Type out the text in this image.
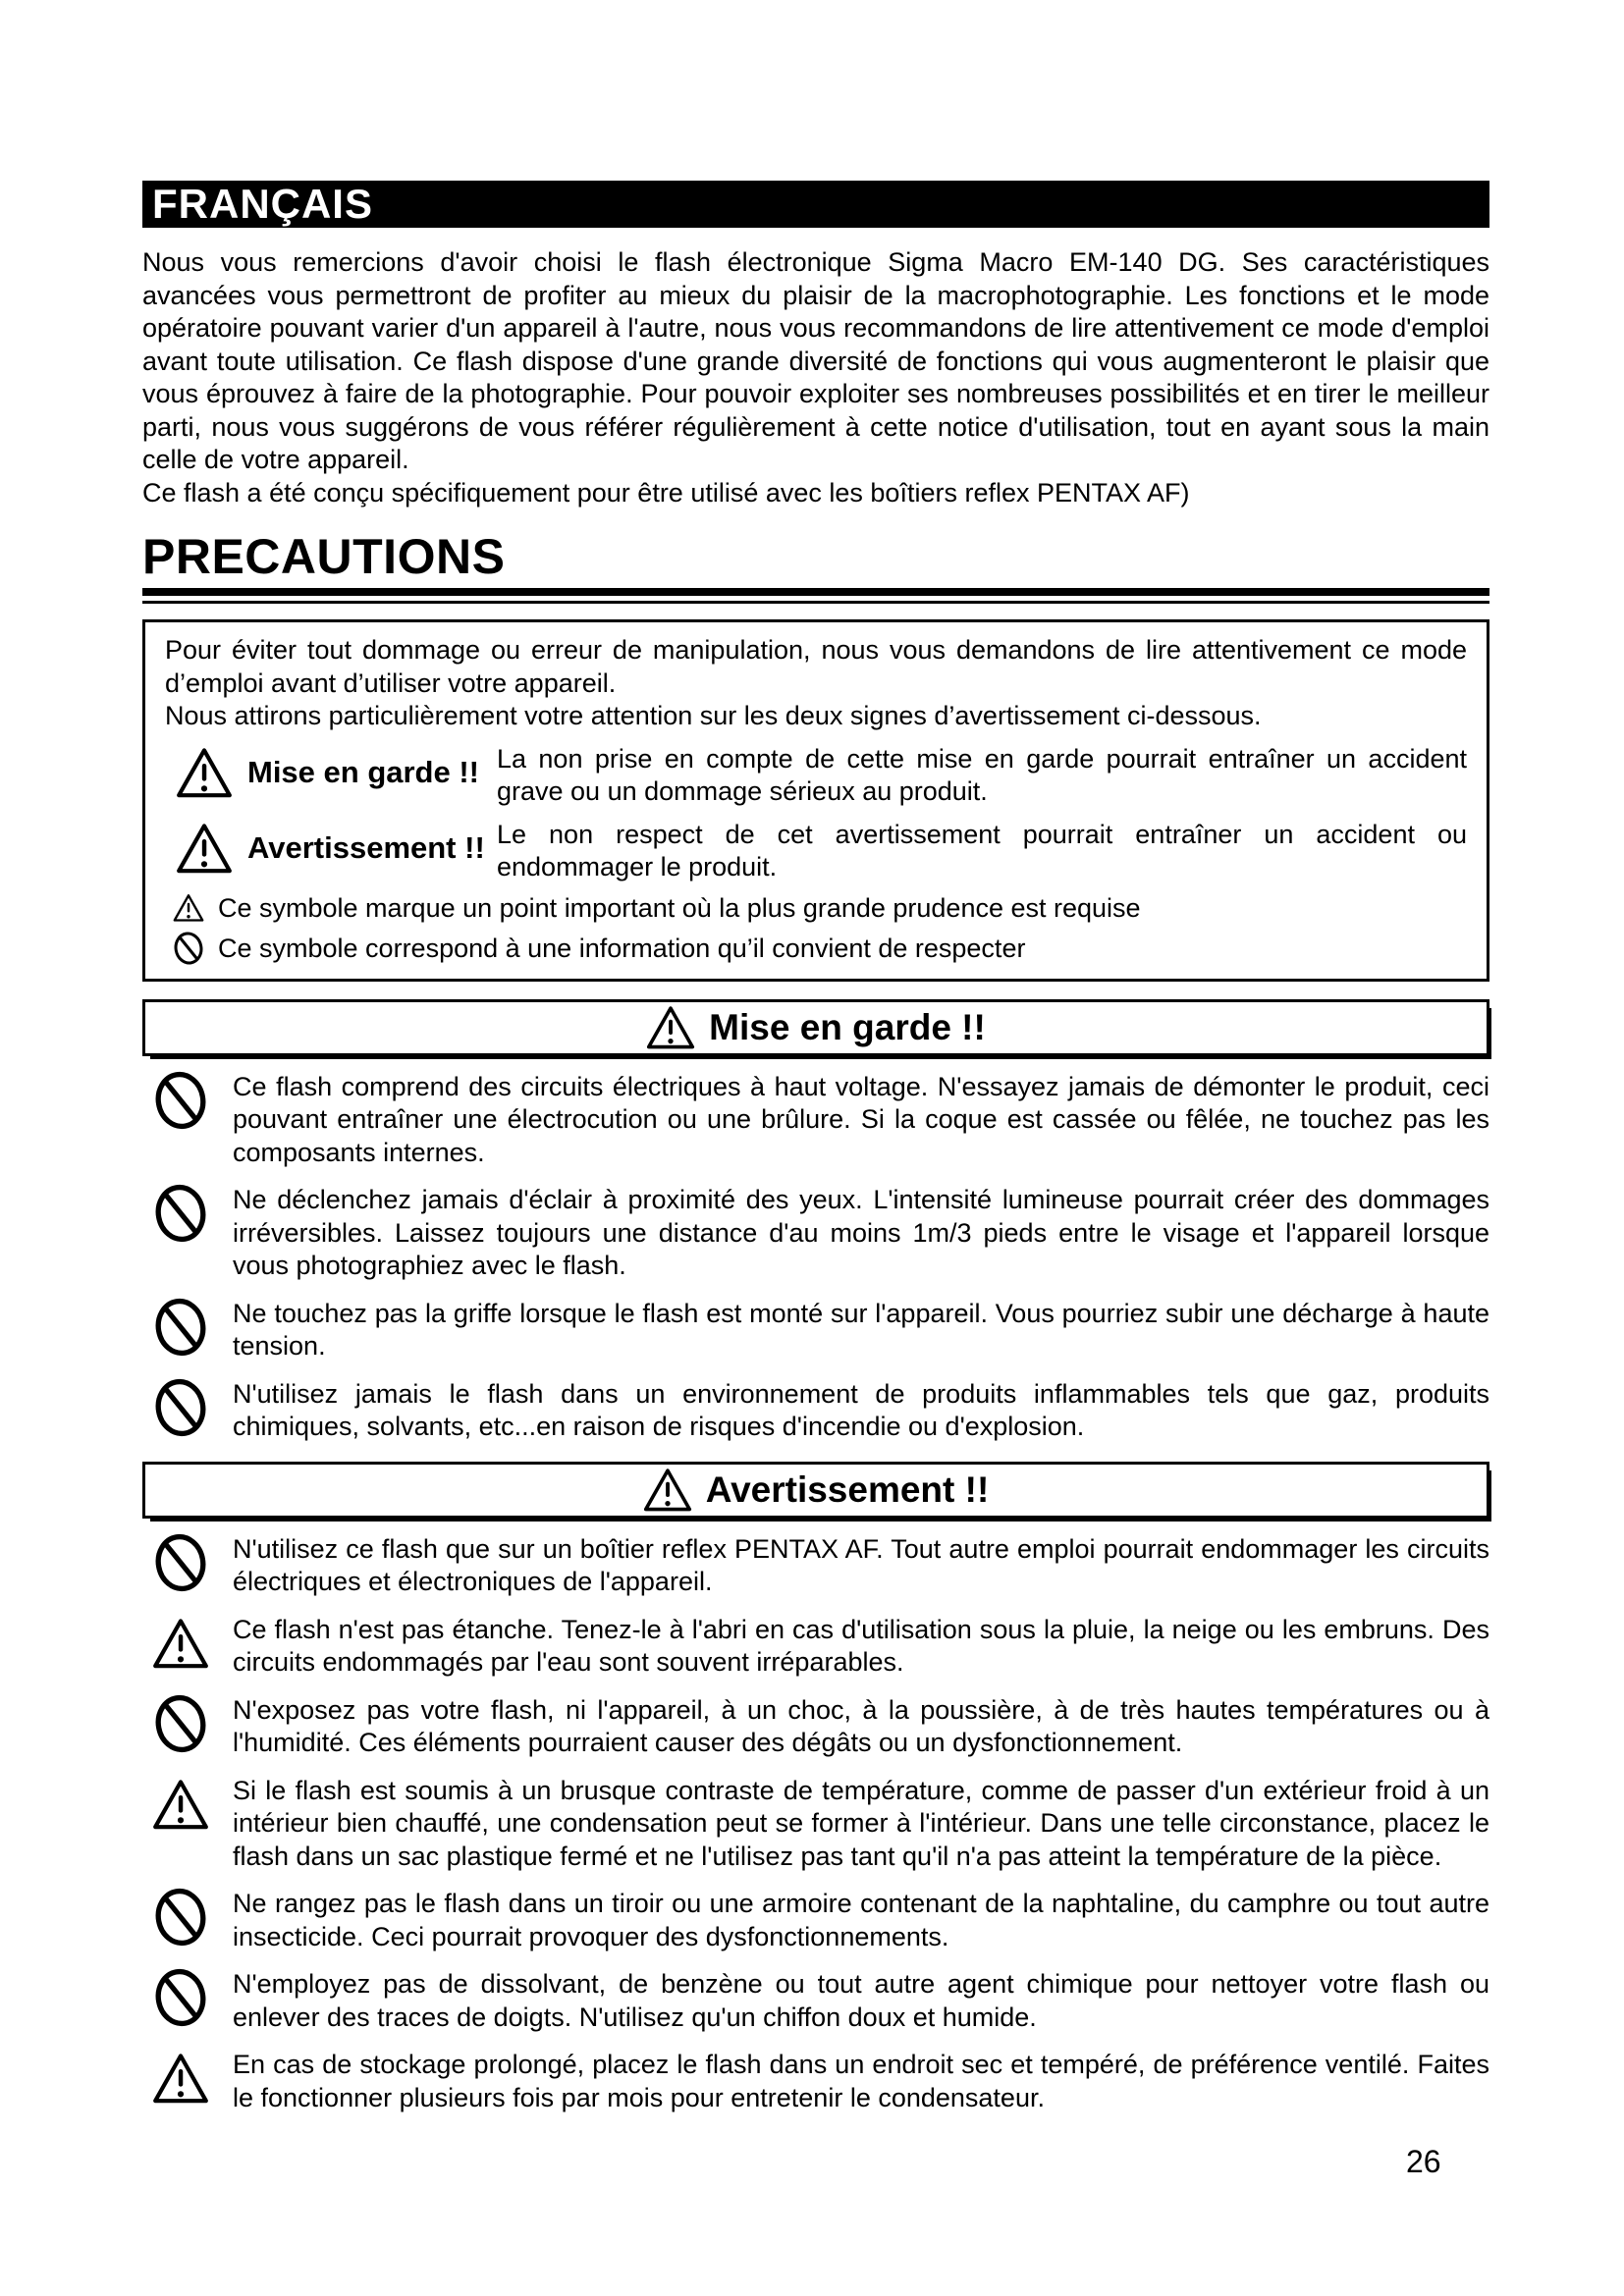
FRANÇAIS

Nous vous remercions d'avoir choisi le flash électronique Sigma Macro EM-140 DG. Ses caractéristiques avancées vous permettront de profiter au mieux du plaisir de la macrophotographie. Les fonctions et le mode opératoire pouvant varier d'un appareil à l'autre, nous vous recommandons de lire attentivement ce mode d'emploi avant toute utilisation. Ce flash dispose d'une grande diversité de fonctions qui vous augmenteront le plaisir que vous éprouvez à faire de la photographie. Pour pouvoir exploiter ses nombreuses possibilités et en tirer le meilleur parti, nous vous suggérons de vous référer régulièrement à cette notice d'utilisation, tout en ayant sous la main celle de votre appareil.

Ce flash a été conçu spécifiquement pour être utilisé avec les boîtiers reflex PENTAX AF)

PRECAUTIONS

Pour éviter tout dommage ou erreur de manipulation, nous vous demandons de lire attentivement ce mode d’emploi avant d’utiliser votre appareil.

Nous attirons particulièrement votre attention sur les deux signes d’avertissement ci-dessous.

Mise en garde !! La non prise en compte de cette mise en garde pourrait entraîner un accident grave ou un dommage sérieux au produit.

Avertissement !! Le non respect de cet avertissement pourrait entraîner un accident ou endommager le produit.

Ce symbole marque un point important où la plus grande prudence est requise

Ce symbole correspond à une information qu’il convient de respecter

Mise en garde !!

Ce flash comprend des circuits électriques à haut voltage. N'essayez jamais de démonter le produit, ceci pouvant entraîner une électrocution ou une brûlure. Si la coque est cassée ou fêlée, ne touchez pas les composants internes.

Ne déclenchez jamais d'éclair à proximité des yeux. L'intensité lumineuse pourrait créer des dommages irréversibles. Laissez toujours une distance d'au moins 1m/3 pieds entre le visage et l'appareil lorsque vous photographiez avec le flash.

Ne touchez pas la griffe lorsque le flash est monté sur l'appareil. Vous pourriez subir une décharge à haute tension.

N'utilisez jamais le flash dans un environnement de produits inflammables tels que gaz, produits chimiques, solvants, etc...en raison de risques d'incendie ou d'explosion.

Avertissement !!

N'utilisez ce flash que sur un boîtier reflex PENTAX AF. Tout autre emploi pourrait endommager les circuits électriques et électroniques de l'appareil.

Ce flash n'est pas étanche. Tenez-le à l'abri en cas d'utilisation sous la pluie, la neige ou les embruns. Des circuits endommagés par l'eau sont souvent irréparables.

N'exposez pas votre flash, ni l'appareil, à un choc, à la poussière, à de très hautes températures ou à l'humidité. Ces éléments pourraient causer des dégâts ou un dysfonctionnement.

Si le flash est soumis à un brusque contraste de température, comme de passer d'un extérieur froid à un intérieur bien chauffé, une condensation peut se former à l'intérieur. Dans une telle circonstance, placez le flash dans un sac plastique fermé et ne l'utilisez pas tant qu'il n'a pas atteint la température de la pièce.

Ne rangez pas le flash dans un tiroir ou une armoire contenant de la naphtaline, du camphre ou tout autre insecticide. Ceci pourrait provoquer des dysfonctionnements.

N'employez pas de dissolvant, de benzène ou tout autre agent chimique pour nettoyer votre flash ou enlever des traces de doigts. N'utilisez qu'un chiffon doux et humide.

En cas de stockage prolongé, placez le flash dans un endroit sec et tempéré, de préférence ventilé. Faites le fonctionner plusieurs fois par mois pour entretenir le condensateur.

26
